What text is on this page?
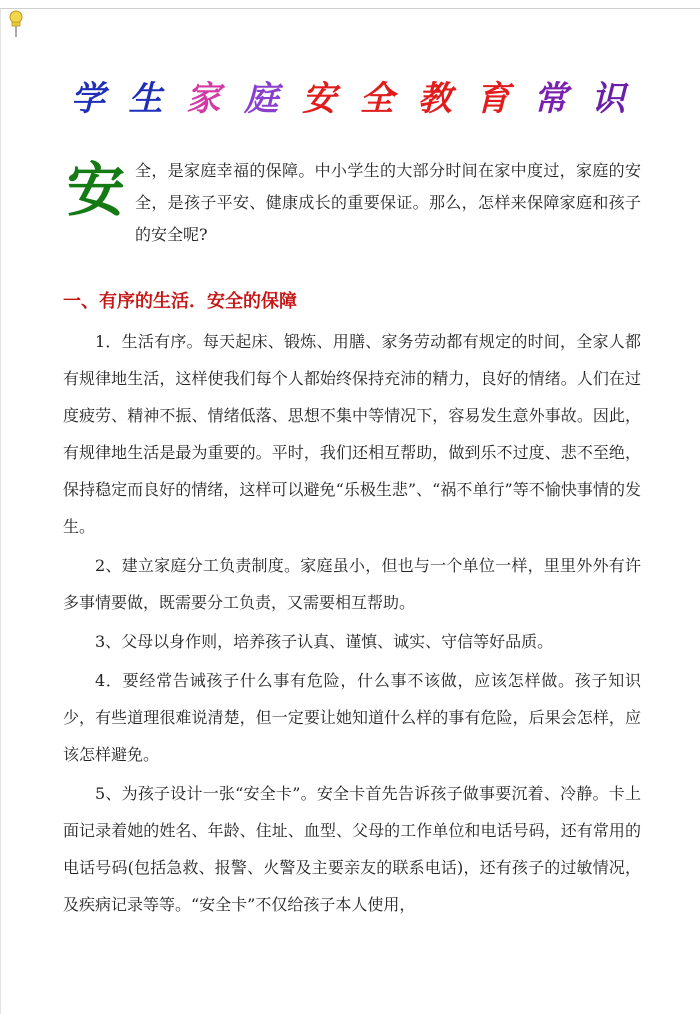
学 生 家 庭 安 全 教 育 常 识
安 全，是家庭幸福的保障。中小学生的大部分时间在家中度过，家庭的安全，是孩子平安、健康成长的重要保证。那么，怎样来保障家庭和孩子的安全呢?
一、有序的生活．安全的保障

1．生活有序。每天起床、锻炼、用膳、家务劳动都有规定的时间，全家人都有规律地生活，这样使我们每个人都始终保持充沛的精力，良好的情绪。人们在过度疲劳、精神不振、情绪低落、思想不集中等情况下，容易发生意外事故。因此，有规律地生活是最为重要的。平时，我们还相互帮助，做到乐不过度、悲不至绝，保持稳定而良好的情绪，这样可以避免“乐极生悲”、“祸不单行”等不愉快事情的发生。

2、建立家庭分工负责制度。家庭虽小，但也与一个单位一样，里里外外有许多事情要做，既需要分工负责，又需要相互帮助。

3、父母以身作则，培养孩子认真、谨慎、诚实、守信等好品质。

4．要经常告诫孩子什么事有危险，什么事不该做，应该怎样做。孩子知识少，有些道理很难说清楚，但一定要让她知道什么样的事有危险，后果会怎样，应该怎样避免。

5、为孩子设计一张“安全卡”。安全卡首先告诉孩子做事要沉着、冷静。卡上面记录着她的姓名、年龄、住址、血型、父母的工作单位和电话号码，还有常用的电话号码(包括急救、报警、火警及主要亲友的联系电话)，还有孩子的过敏情况，及疾病记录等等。“安全卡”不仅给孩子本人使用，
